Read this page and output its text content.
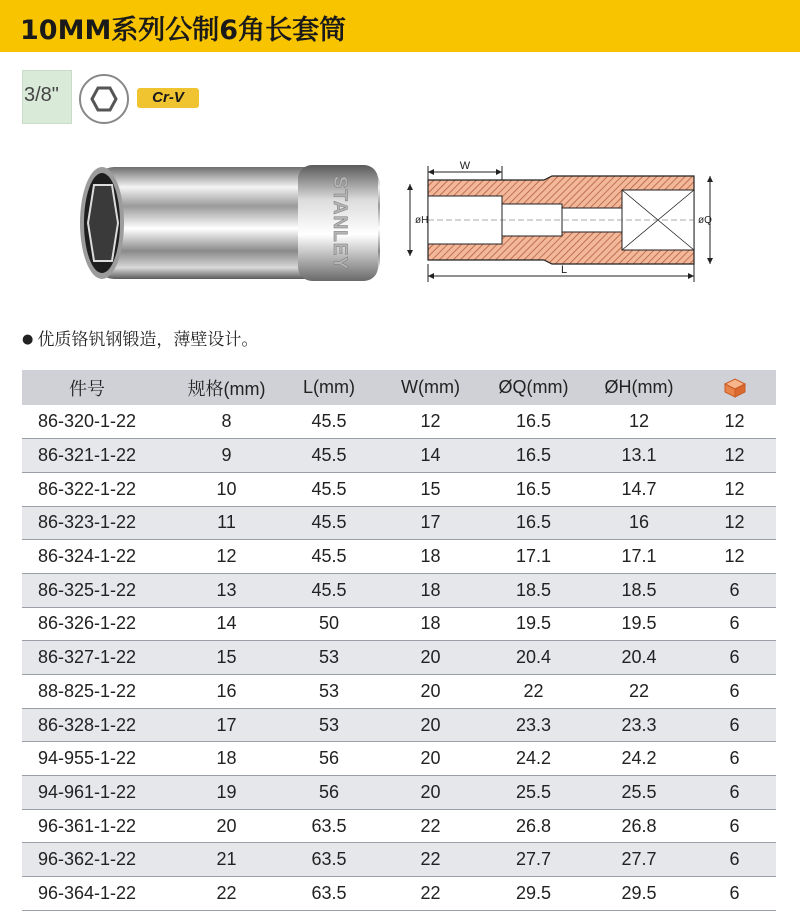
10MM系列公制6角长套筒
3/8"	Cr-V
STANLEY
W
øH	øQ
L
● 优质铬钒钢锻造，薄壁设计。
件号	规格(mm)	L(mm)	W(mm)	ØQ(mm)	ØH(mm)	
86-320-1-22	8	45.5	12	16.5	12	12
86-321-1-22	9	45.5	14	16.5	13.1	12
86-322-1-22	10	45.5	15	16.5	14.7	12
86-323-1-22	11	45.5	17	16.5	16	12
86-324-1-22	12	45.5	18	17.1	17.1	12
86-325-1-22	13	45.5	18	18.5	18.5	6
86-326-1-22	14	50	18	19.5	19.5	6
86-327-1-22	15	53	20	20.4	20.4	6
88-825-1-22	16	53	20	22	22	6
86-328-1-22	17	53	20	23.3	23.3	6
94-955-1-22	18	56	20	24.2	24.2	6
94-961-1-22	19	56	20	25.5	25.5	6
96-361-1-22	20	63.5	22	26.8	26.8	6
96-362-1-22	21	63.5	22	27.7	27.7	6
96-364-1-22	22	63.5	22	29.5	29.5	6
